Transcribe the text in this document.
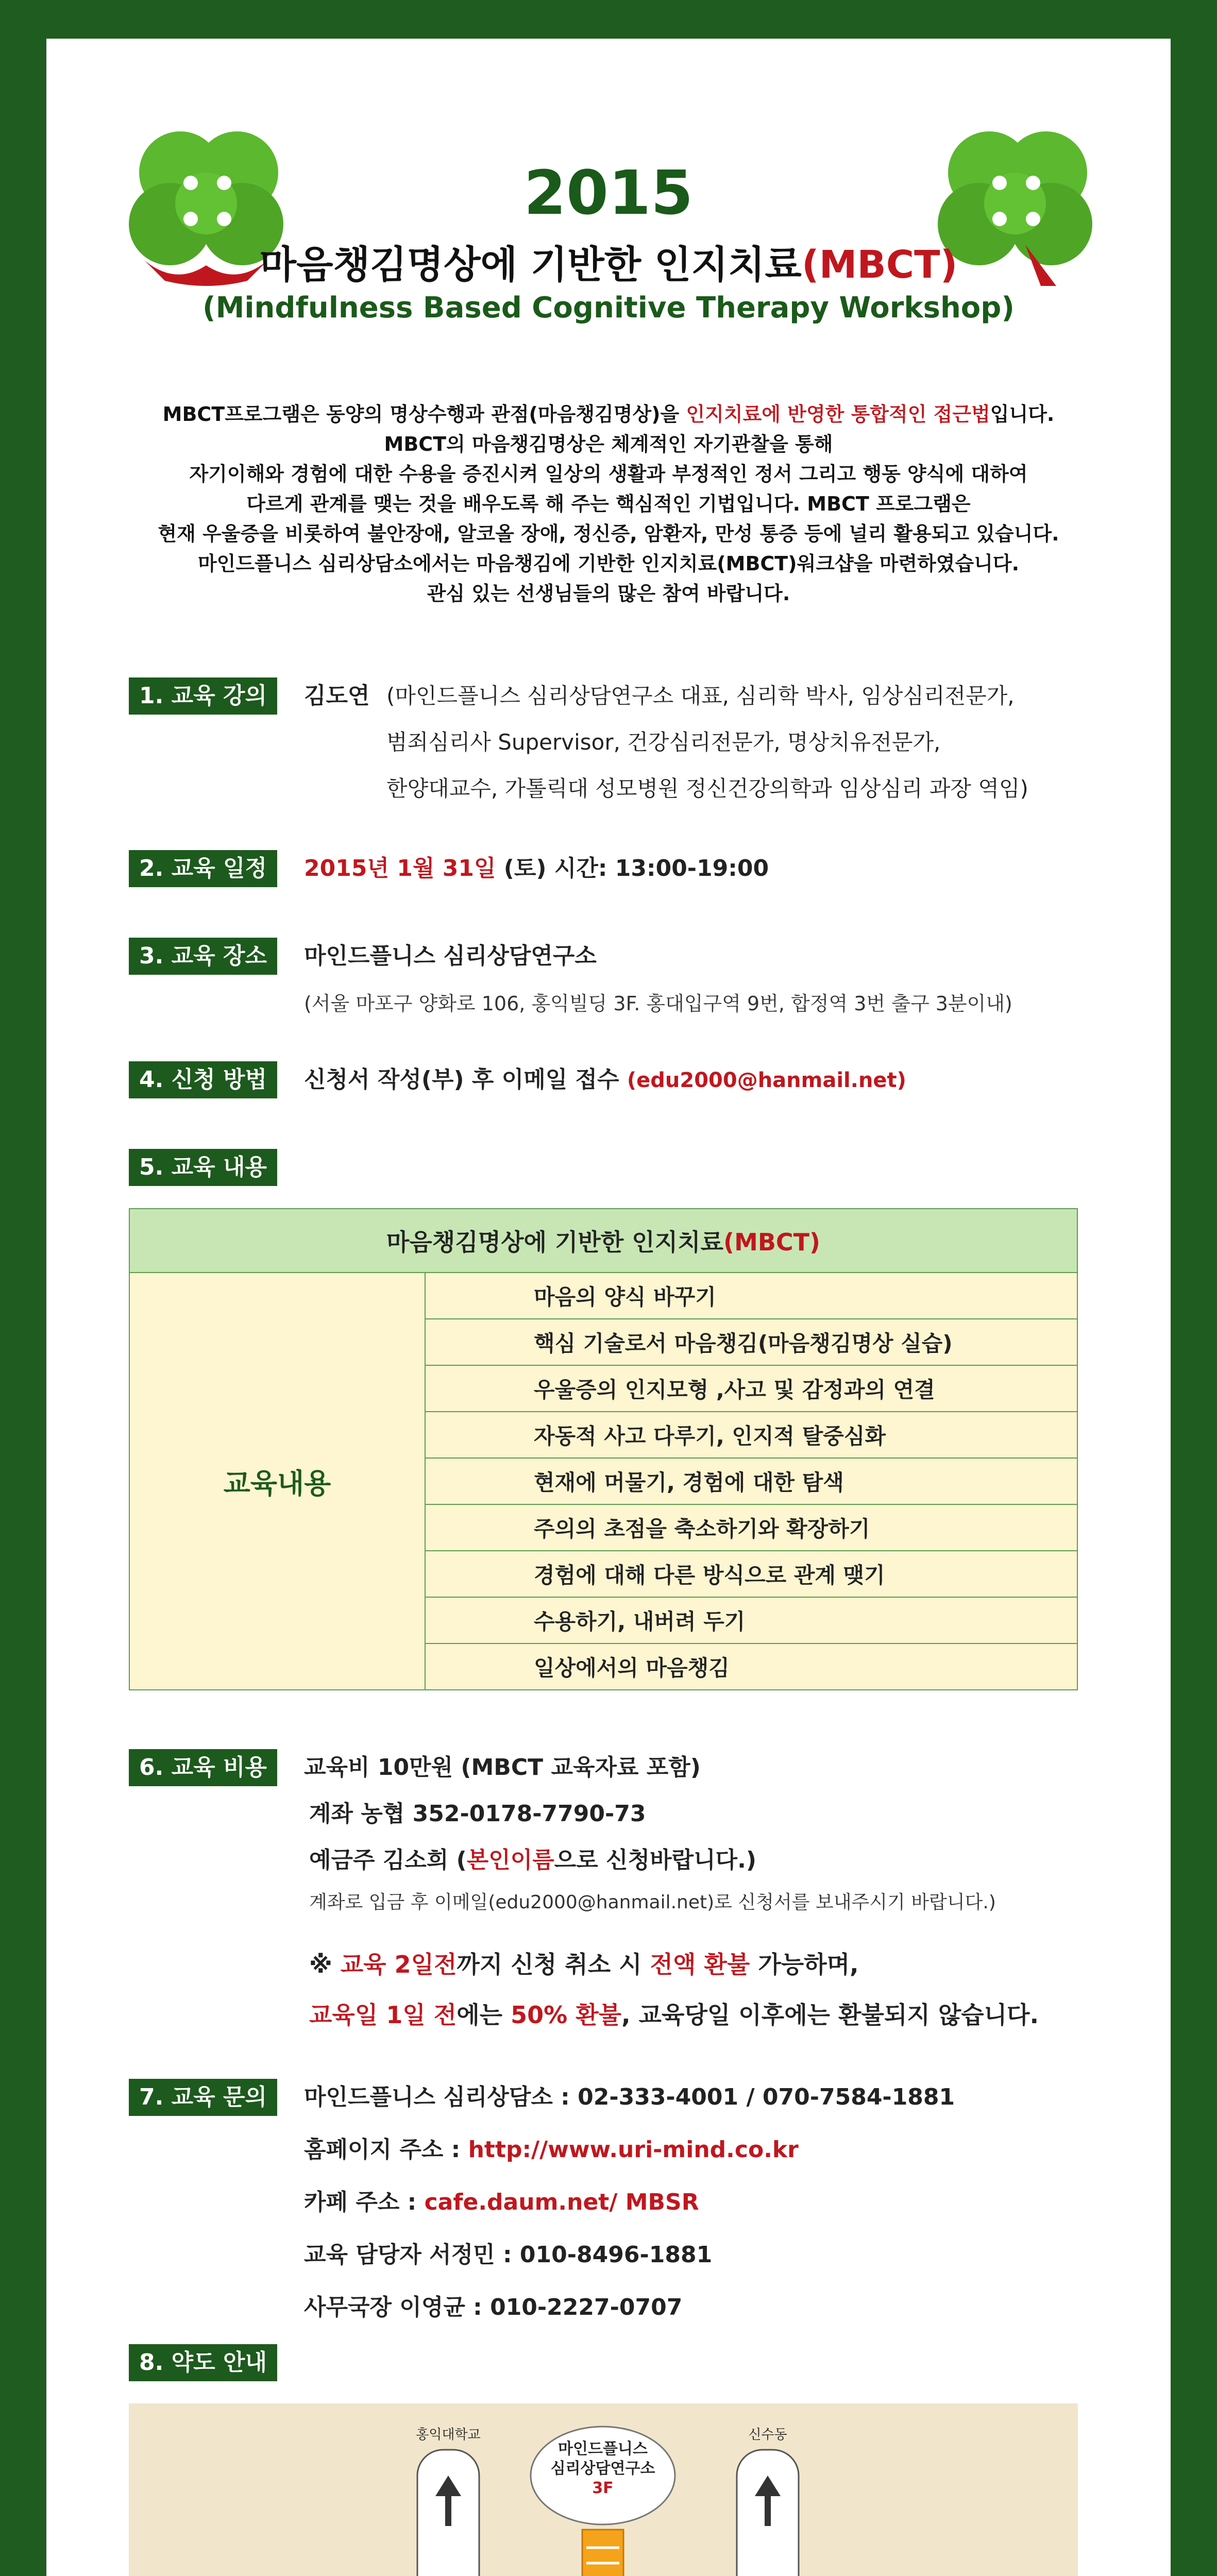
2015
마음챙김명상에 기반한 인지치료(MBCT)
(Mindfulness Based Cognitive Therapy Workshop)
MBCT프로그램은 동양의 명상수행과 관점(마음챙김명상)을 인지치료에 반영한 통합적인 접근법입니다.
MBCT의 마음챙김명상은 체계적인 자기관찰을 통해
자기이해와 경험에 대한 수용을 증진시켜 일상의 생활과 부정적인 정서 그리고 행동 양식에 대하여
다르게 관계를 맺는 것을 배우도록 해 주는 핵심적인 기법입니다. MBCT 프로그램은
현재 우울증을 비롯하여 불안장애, 알코올 장애, 정신증, 암환자, 만성 통증 등에 널리 활용되고 있습니다.
마인드플니스 심리상담소에서는 마음챙김에 기반한 인지치료(MBCT)워크샵을 마련하였습니다.
관심 있는 선생님들의 많은 참여 바랍니다.
1. 교육 강의	김도연 (마인드플니스 심리상담연구소 대표, 심리학 박사, 임상심리전문가,
범죄심리사 Supervisor, 건강심리전문가, 명상치유전문가,
한양대교수, 가톨릭대 성모병원 정신건강의학과 임상심리 과장 역임)
2. 교육 일정	2015년 1월 31일 (토) 시간: 13:00-19:00
3. 교육 장소	마인드플니스 심리상담연구소
(서울 마포구 양화로 106, 홍익빌딩 3F. 홍대입구역 9번, 합정역 3번 출구 3분이내)
4. 신청 방법	신청서 작성(부) 후 이메일 접수 (edu2000@hanmail.net)
5. 교육 내용
마음챙김명상에 기반한 인지치료(MBCT)
교육내용	마음의 양식 바꾸기
핵심 기술로서 마음챙김(마음챙김명상 실습)
우울증의 인지모형 ,사고 및 감정과의 연결
자동적 사고 다루기, 인지적 탈중심화
현재에 머물기, 경험에 대한 탐색
주의의 초점을 축소하기와 확장하기
경험에 대해 다른 방식으로 관계 맺기
수용하기, 내버려 두기
일상에서의 마음챙김
6. 교육 비용	교육비 10만원 (MBCT 교육자료 포함)
계좌 농협 352-0178-7790-73
예금주 김소희 (본인이름으로 신청바랍니다.)
계좌로 입금 후 이메일(edu2000@hanmail.net)로 신청서를 보내주시기 바랍니다.)
※ 교육 2일전까지 신청 취소 시 전액 환불 가능하며,
교육일 1일 전에는 50% 환불, 교육당일 이후에는 환불되지 않습니다.
7. 교육 문의	마인드플니스 심리상담소 : 02-333-4001 / 070-7584-1881
홈페이지 주소 : http://www.uri-mind.co.kr
카페 주소 : cafe.daum.net/ MBSR
교육 담당자 서정민 : 010-8496-1881
사무국장 이영균 : 010-2227-0707
8. 약도 안내
마인드플니스
심리상담연구소
3F
홍익대학교	신수동
